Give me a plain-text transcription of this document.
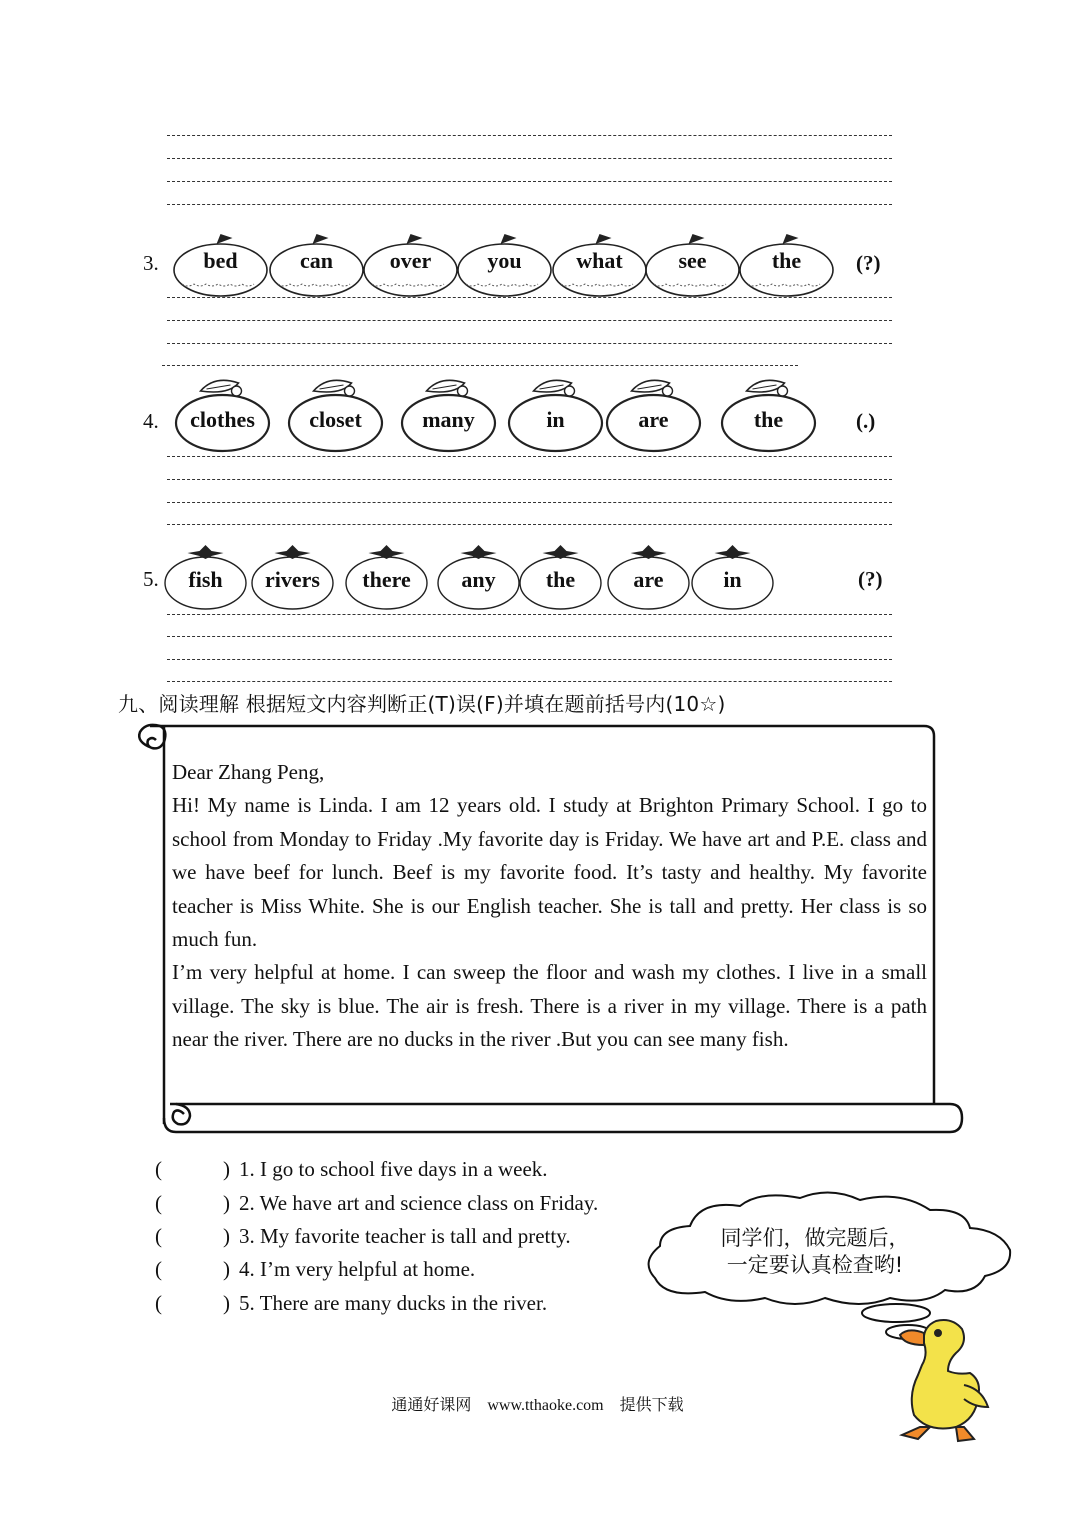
3.	bed	can	over	you	what	see	the	(?)
4.	clothes	closet	many	in	are	the	(.)
5.	fish	rivers	there	any	the	are	in	(?)
九、阅读理解 根据短文内容判断正(T)误(F)并填在题前括号内(10☆)

Dear Zhang Peng,

Hi! My name is Linda. I am 12 years old. I study at Brighton Primary School. I go to school from Monday to Friday .My favorite day is Friday. We have art and P.E. class and we have beef for lunch. Beef is my favorite food. It’s tasty and healthy. My favorite teacher is Miss White. She is our English teacher. She is tall and pretty. Her class is so much fun.

I’m very helpful at home. I can sweep the floor and wash my clothes. I live in a small village. The sky is blue. The air is fresh. There is a river in my village. There is a path near the river. There are no ducks in the river .But you can see many fish.

(	) 1. I go to school five days in a week.
(	) 2. We have art and science class on Friday.
(	) 3. My favorite teacher is tall and pretty.
(	) 4. I’m very helpful at home.
(	) 5. There are many ducks in the river.
同学们，做完题后，
一定要认真检查哟!
通通好课网 www.tthaoke.com 提供下载
